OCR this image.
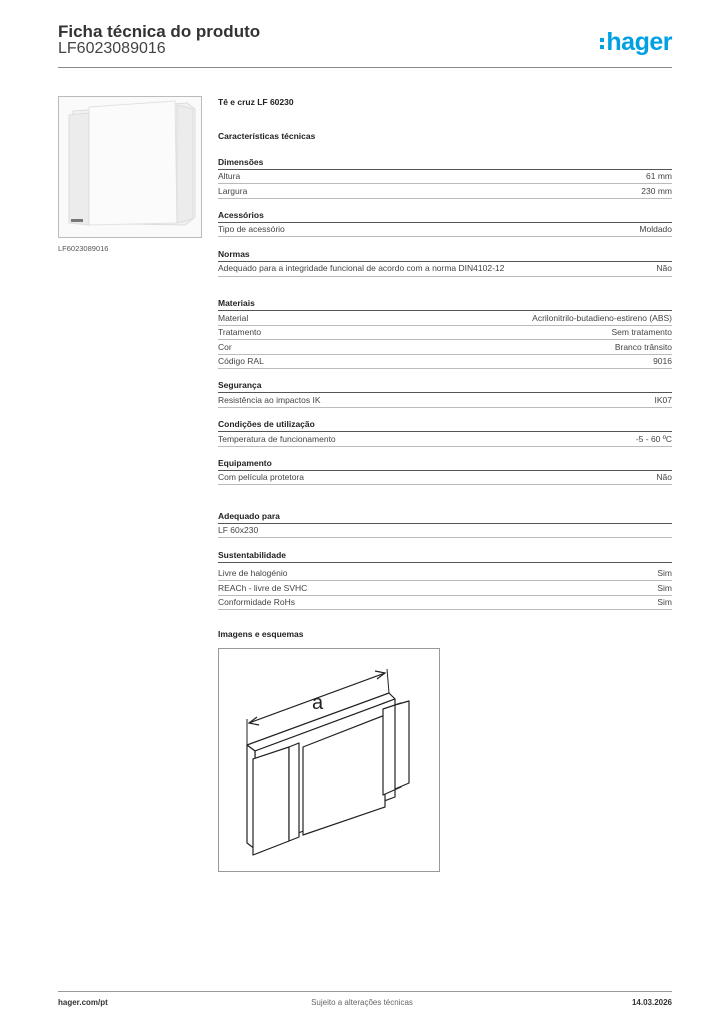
Ficha técnica do produto
LF6023089016	hager
LF6023089016
Tê e cruz LF 60230
Características técnicas
Dimensões
Altura	61 mm
Largura	230 mm
Acessórios
Tipo de acessório	Moldado
Normas
Adequado para a integridade funcional de acordo com a norma DIN4102-12	Não
Materiais
Material	Acrilonitrilo-butadieno-estireno (ABS)
Tratamento	Sem tratamento
Cor	Branco trânsito
Código RAL	9016
Segurança
Resistência ao impactos IK	IK07
Condições de utilização
Temperatura de funcionamento	-5 - 60 ºC
Equipamento
Com película protetora	Não
Adequado para
LF 60x230
Sustentabilidade
Livre de halogénio	Sim
REACh - livre de SVHC	Sim
Conformidade RoHs	Sim
Imagens e esquemas
a
hager.com/pt	Sujeito a alterações técnicas	14.03.2026
